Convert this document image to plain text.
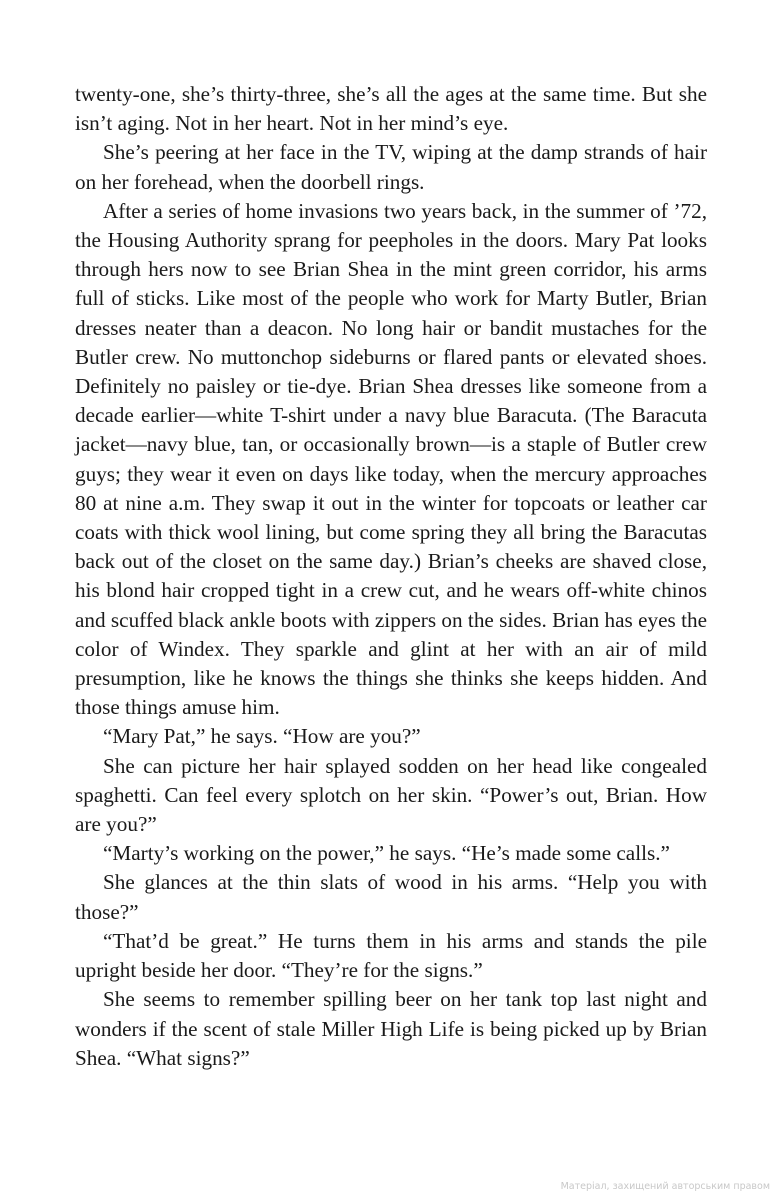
twenty-one, she’s thirty-three, she’s all the ages at the same time. But she isn’t aging. Not in her heart. Not in her mind’s eye.

She’s peering at her face in the TV, wiping at the damp strands of hair on her forehead, when the doorbell rings.

After a series of home invasions two years back, in the summer of ’72, the Housing Authority sprang for peepholes in the doors. Mary Pat looks through hers now to see Brian Shea in the mint green corridor, his arms full of sticks. Like most of the people who work for Marty Butler, Brian dresses neater than a deacon. No long hair or bandit mustaches for the Butler crew. No muttonchop sideburns or flared pants or elevated shoes. Definitely no paisley or tie-dye. Brian Shea dresses like someone from a decade earlier—white T-shirt under a navy blue Baracuta. (The Baracuta jacket—navy blue, tan, or occasionally brown—is a staple of Butler crew guys; they wear it even on days like today, when the mercury approaches 80 at nine a.m. They swap it out in the winter for topcoats or leather car coats with thick wool lining, but come spring they all bring the Baracutas back out of the closet on the same day.) Brian’s cheeks are shaved close, his blond hair cropped tight in a crew cut, and he wears off-white chinos and scuffed black ankle boots with zippers on the sides. Brian has eyes the color of Windex. They sparkle and glint at her with an air of mild presumption, like he knows the things she thinks she keeps hidden. And those things amuse him.

“Mary Pat,” he says. “How are you?”

She can picture her hair splayed sodden on her head like congealed spaghetti. Can feel every splotch on her skin. “Power’s out, Brian. How are you?”

“Marty’s working on the power,” he says. “He’s made some calls.”

She glances at the thin slats of wood in his arms. “Help you with those?”

“That’d be great.” He turns them in his arms and stands the pile upright beside her door. “They’re for the signs.”

She seems to remember spilling beer on her tank top last night and wonders if the scent of stale Miller High Life is being picked up by Brian Shea. “What signs?”

Матеріал, захищений авторським правом
